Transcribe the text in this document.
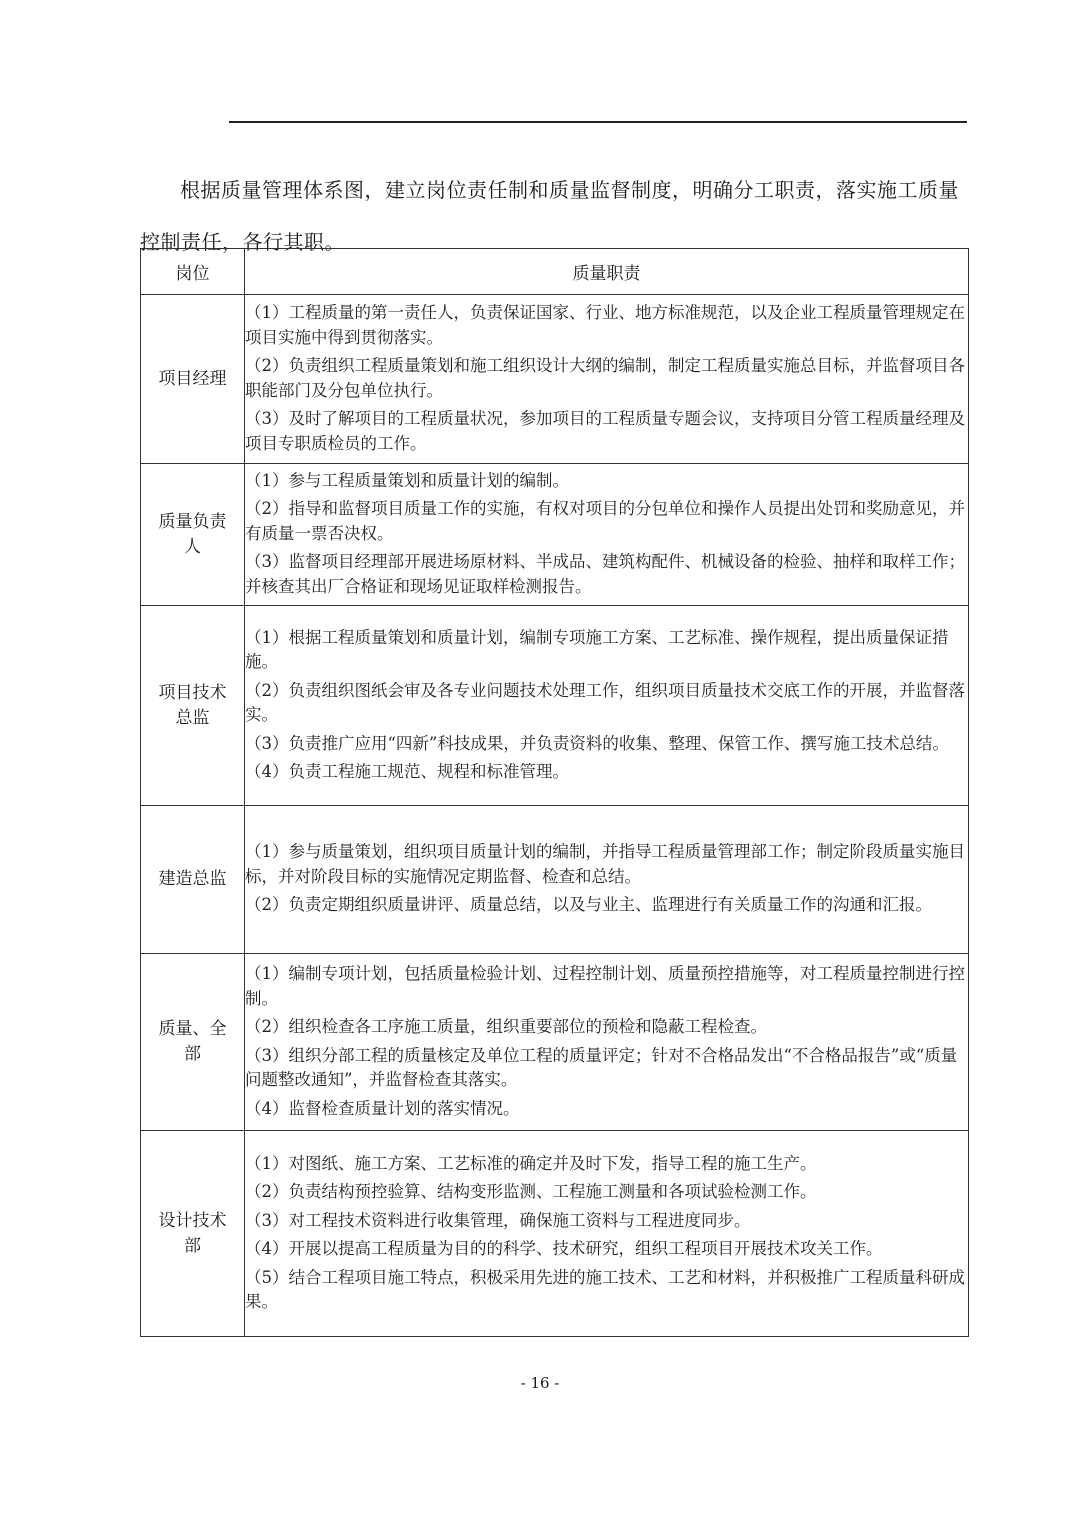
根据质量管理体系图，建立岗位责任制和质量监督制度，明确分工职责，落实施工质量控制责任，各行其职。

岗位	质量职责
项目经理	（1）工程质量的第一责任人，负责保证国家、行业、地方标准规范，以及企业工程质量管理规定在项目实施中得到贯彻落实。
（2）负责组织工程质量策划和施工组织设计大纲的编制，制定工程质量实施总目标，并监督项目各职能部门及分包单位执行。
（3）及时了解项目的工程质量状况，参加项目的工程质量专题会议，支持项目分管工程质量经理及项目专职质检员的工作。

质量负责人	（1）参与工程质量策划和质量计划的编制。
（2）指导和监督项目质量工作的实施，有权对项目的分包单位和操作人员提出处罚和奖励意见，并有质量一票否决权。
（3）监督项目经理部开展进场原材料、半成品、建筑构配件、机械设备的检验、抽样和取样工作；并核查其出厂合格证和现场见证取样检测报告。

项目技术总监	（1）根据工程质量策划和质量计划，编制专项施工方案、工艺标准、操作规程，提出质量保证措施。
（2）负责组织图纸会审及各专业问题技术处理工作，组织项目质量技术交底工作的开展，并监督落实。
（3）负责推广应用“四新”科技成果，并负责资料的收集、整理、保管工作、撰写施工技术总结。
（4）负责工程施工规范、规程和标准管理。

建造总监	（1）参与质量策划，组织项目质量计划的编制，并指导工程质量管理部工作；制定阶段质量实施目标，并对阶段目标的实施情况定期监督、检查和总结。
（2）负责定期组织质量讲评、质量总结，以及与业主、监理进行有关质量工作的沟通和汇报。

质量、全部	（1）编制专项计划，包括质量检验计划、过程控制计划、质量预控措施等，对工程质量控制进行控制。
（2）组织检查各工序施工质量，组织重要部位的预检和隐蔽工程检查。
（3）组织分部工程的质量核定及单位工程的质量评定；针对不合格品发出“不合格品报告”或“质量问题整改通知”，并监督检查其落实。
（4）监督检查质量计划的落实情况。

设计技术部	（1）对图纸、施工方案、工艺标准的确定并及时下发，指导工程的施工生产。
（2）负责结构预控验算、结构变形监测、工程施工测量和各项试验检测工作。
（3）对工程技术资料进行收集管理，确保施工资料与工程进度同步。
（4）开展以提高工程质量为目的的科学、技术研究，组织工程项目开展技术攻关工作。
（5）结合工程项目施工特点，积极采用先进的施工技术、工艺和材料，并积极推广工程质量科研成果。
- 16 -
